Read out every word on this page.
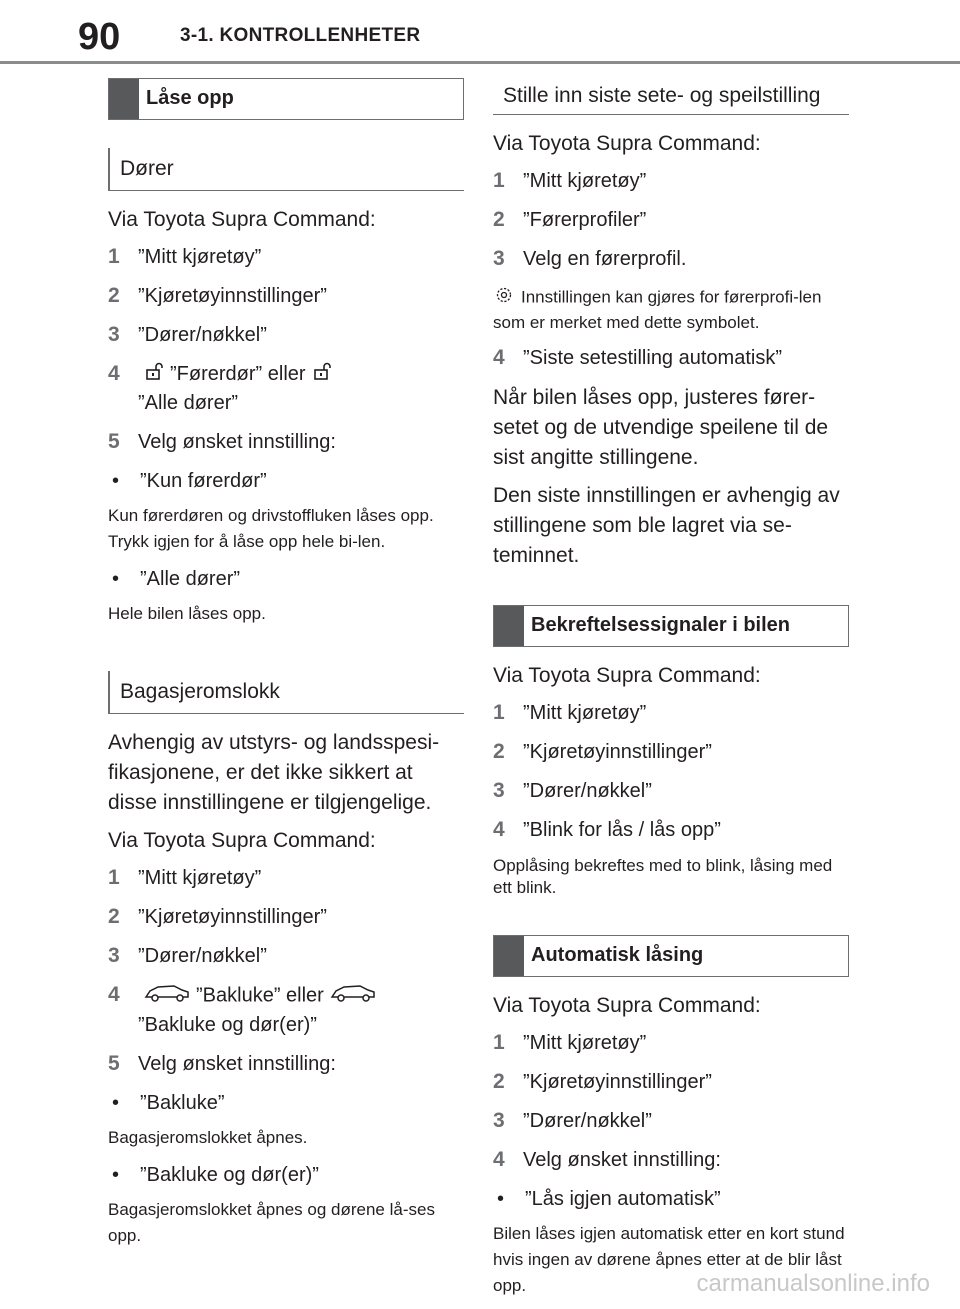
90	3-1. KONTROLLENHETER
Låse opp
Dører

Via Toyota Supra Command:

1 ”Mitt kjøretøy”
2 ”Kjøretøyinnstillinger”
3 ”Dører/nøkkel”
4	”Førerdør” eller
”Alle dører”
5 Velg ønsket innstilling:
•	”Kun førerdør”

Kun førerdøren og drivstoffluken låses opp. Trykk igjen for å låse opp hele bi-len.

•	”Alle dører”

Hele bilen låses opp.

Bagasjeromslokk

Avhengig av utstyrs- og landsspesi-fikasjonene, er det ikke sikkert at disse innstillingene er tilgjengelige.

Via Toyota Supra Command:

1 ”Mitt kjøretøy”
2 ”Kjøretøyinnstillinger”
3 ”Dører/nøkkel”
4	”Bakluke” eller
”Bakluke og dør(er)”
5 Velg ønsket innstilling:
•	”Bakluke”

Bagasjeromslokket åpnes.

•	”Bakluke og dør(er)”

Bagasjeromslokket åpnes og dørene lå-ses opp.

Stille inn siste sete- og speilstilling

Via Toyota Supra Command:

1 ”Mitt kjøretøy”
2 ”Førerprofiler”
3 Velg en førerprofil.

Innstillingen kan gjøres for førerprofi-len som er merket med dette symbolet.

4 ”Siste setestilling automatisk”

Når bilen låses opp, justeres fører-setet og de utvendige speilene til de sist angitte stillingene.

Den siste innstillingen er avhengig av stillingene som ble lagret via se-teminnet.

Bekreftelsessignaler i bilen

Via Toyota Supra Command:

1 ”Mitt kjøretøy”
2 ”Kjøretøyinnstillinger”
3 ”Dører/nøkkel”
4 ”Blink for lås / lås opp”

Opplåsing bekreftes med to blink, låsing med ett blink.

Automatisk låsing

Via Toyota Supra Command:

1 ”Mitt kjøretøy”
2 ”Kjøretøyinnstillinger”
3 ”Dører/nøkkel”
4 Velg ønsket innstilling:
•	”Lås igjen automatisk”

Bilen låses igjen automatisk etter en kort stund hvis ingen av dørene åpnes etter at de blir låst opp.	carmanualsonline.info
